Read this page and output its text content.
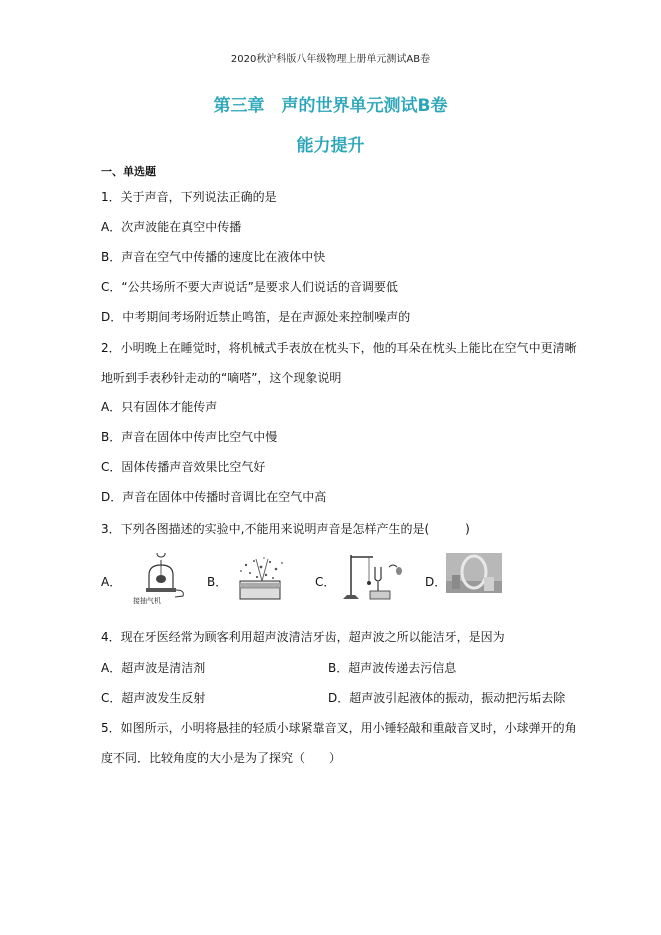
2020秋沪科版八年级物理上册单元测试AB卷
第三章　声的世界单元测试B卷
能力提升
一、单选题
1．关于声音，下列说法正确的是
A．次声波能在真空中传播
B．声音在空气中传播的速度比在液体中快
C．“公共场所不要大声说话”是要求人们说话的音调要低
D．中考期间考场附近禁止鸣笛，是在声源处来控制噪声的
2．小明晚上在睡觉时，将机械式手表放在枕头下，他的耳朵在枕头上能比在空气中更清晰
地听到手表秒针走动的“嘀嗒”，这个现象说明
A．只有固体才能传声
B．声音在固体中传声比空气中慢
C．固体传播声音效果比空气好
D．声音在固体中传播时音调比在空气中高
3．下列各图描述的实验中,不能用来说明声音是怎样产生的是(　　　)
A．
接抽气机
B．	C．	D．
4．现在牙医经常为顾客利用超声波清洁牙齿，超声波之所以能洁牙，是因为
A．超声波是清洁剂	B．超声波传递去污信息
C．超声波发生反射	D．超声波引起液体的振动，振动把污垢去除
5．如图所示，小明将悬挂的轻质小球紧靠音叉，用小锤轻敲和重敲音叉时，小球弹开的角
度不同．比较角度的大小是为了探究（　　）
